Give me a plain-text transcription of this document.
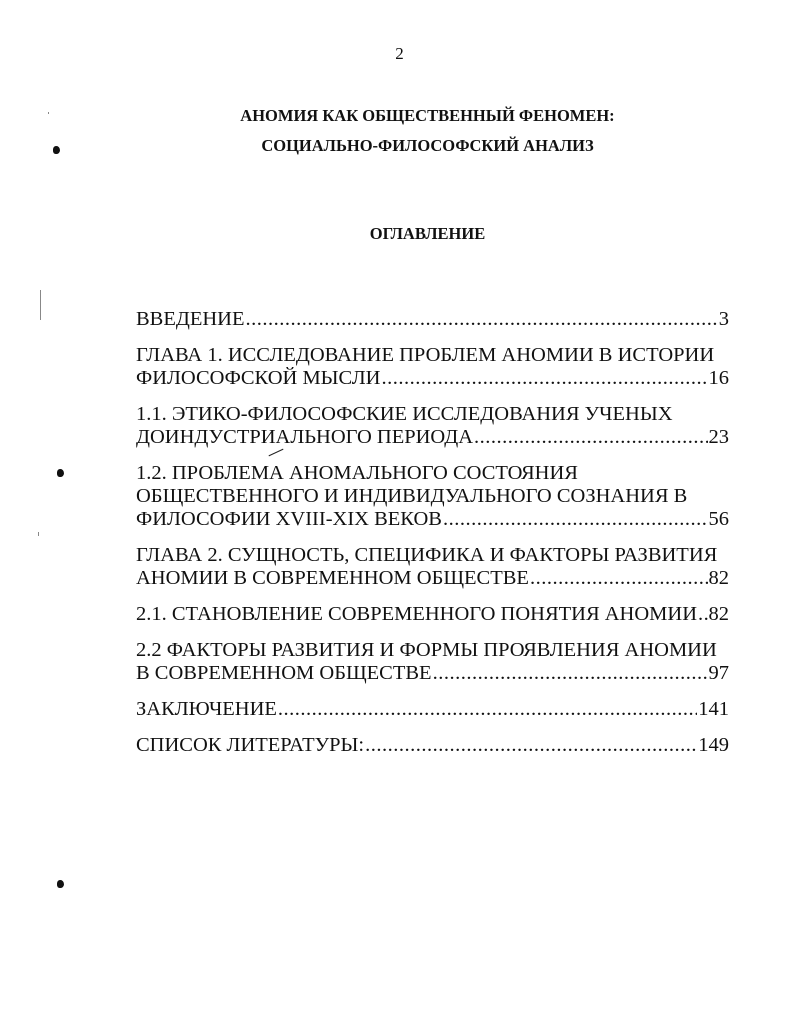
2
АНОМИЯ КАК ОБЩЕСТВЕННЫЙ ФЕНОМЕН:
СОЦИАЛЬНО-ФИЛОСОФСКИЙ АНАЛИЗ
ОГЛАВЛЕНИЕ
ВВЕДЕНИЕ .....	3
ГЛАВА 1. ИССЛЕДОВАНИЕ ПРОБЛЕМ АНОМИИ В ИСТОРИИ
ФИЛОСОФСКОЙ МЫСЛИ .....	16
1.1. ЭТИКО-ФИЛОСОФСКИЕ ИССЛЕДОВАНИЯ УЧЕНЫХ
ДОИНДУСТРИАЛЬНОГО ПЕРИОДА .....	23
1.2. ПРОБЛЕМА АНОМАЛЬНОГО СОСТОЯНИЯ
ОБЩЕСТВЕННОГО И ИНДИВИДУАЛЬНОГО СОЗНАНИЯ В
ФИЛОСОФИИ XVIII-XIX ВЕКОВ .....	56
ГЛАВА 2. СУЩНОСТЬ, СПЕЦИФИКА И ФАКТОРЫ РАЗВИТИЯ
АНОМИИ В СОВРЕМЕННОМ ОБЩЕСТВЕ .....	82
2.1. СТАНОВЛЕНИЕ СОВРЕМЕННОГО ПОНЯТИЯ АНОМИИ ..... 82
2.2 ФАКТОРЫ РАЗВИТИЯ И ФОРМЫ ПРОЯВЛЕНИЯ АНОМИИ
В СОВРЕМЕННОМ ОБЩЕСТВЕ .....	97
ЗАКЛЮЧЕНИЕ .....	141
СПИСОК ЛИТЕРАТУРЫ: .....	149
